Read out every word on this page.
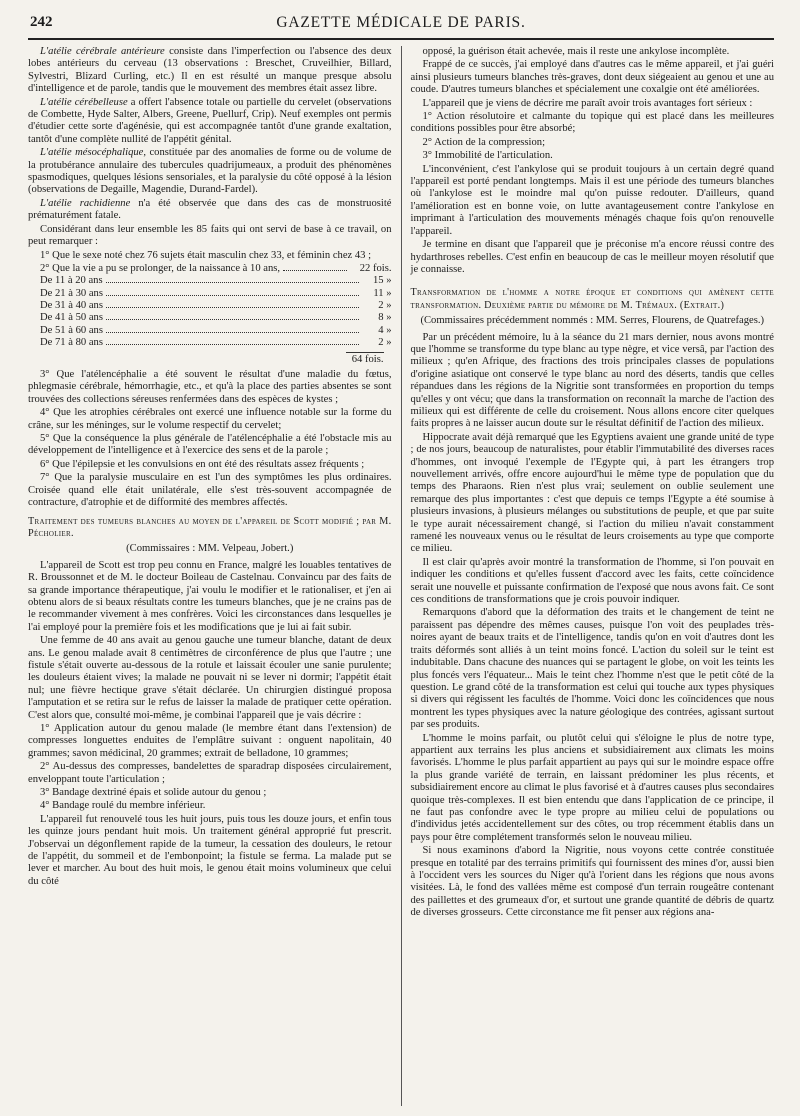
242	GAZETTE MÉDICALE DE PARIS.

L'atélie cérébrale antérieure consiste dans l'imperfection ou l'absence des deux lobes antérieurs du cerveau (13 observations : Breschet, Cruveilhier, Billard, Sylvestri, Blizard Curling, etc.) Il en est résulté un manque presque absolu d'intelligence et de parole, tandis que le mouvement des membres était assez libre.

L'atélie cérébelleuse a offert l'absence totale ou partielle du cervelet (observations de Combette, Hyde Salter, Albers, Greene, Puellurf, Crip). Neuf exemples ont permis d'étudier cette sorte d'agénésie, qui est accompagnée tantôt d'une grande exaltation, tantôt d'une complète nullité de l'appétit génital.

L'atélie mésocéphalique, constituée par des anomalies de forme ou de volume de la protubérance annulaire des tubercules quadrijumeaux, a produit des phénomènes spasmodiques, quelques lésions sensoriales, et la paralysie du côté opposé à la lésion (observations de Degaille, Magendie, Durand-Fardel).

L'atélie rachidienne n'a été observée que dans des cas de monstruosité prématurément fatale.

Considérant dans leur ensemble les 85 faits qui ont servi de base à ce travail, on peut remarquer :

1° Que le sexe noté chez 76 sujets était masculin chez 33, et féminin chez 43 ;

2° Que la vie a pu se prolonger, de la naissance à 10 ans,	22 fois.
De 11 à 20 ans	15 »
De 21 à 30 ans	11 »
De 31 à 40 ans	2 »
De 41 à 50 ans	8 »
De 51 à 60 ans	4 »
De 71 à 80 ans	2 »
64 fois.

3° Que l'atélencéphalie a été souvent le résultat d'une maladie du fœtus, phlegmasie cérébrale, hémorrhagie, etc., et qu'à la place des parties absentes se sont trouvées des collections séreuses renfermées dans des espèces de kystes ;

4° Que les atrophies cérébrales ont exercé une influence notable sur la forme du crâne, sur les méninges, sur le volume respectif du cervelet;

5° Que la conséquence la plus générale de l'atélencéphalie a été l'obstacle mis au développement de l'intelligence et à l'exercice des sens et de la parole ;

6° Que l'épilepsie et les convulsions en ont été des résultats assez fréquents ;

7° Que la paralysie musculaire en est l'un des symptômes les plus ordinaires. Croisée quand elle était unilatérale, elle s'est très-souvent accompagnée de contracture, d'atrophie et de difformité des membres affectés.

Traitement des tumeurs blanches au moyen de l'appareil de Scott modifié ; par M. Pécholier.
(Commissaires : MM. Velpeau, Jobert.)

L'appareil de Scott est trop peu connu en France, malgré les louables tentatives de R. Broussonnet et de M. le docteur Boileau de Castelnau. Convaincu par des faits de sa grande importance thérapeutique, j'ai voulu le modifier et le rationaliser, et j'en ai obtenu alors de si beaux résultats contre les tumeurs blanches, que je ne crains pas de le recommander vivement à mes confrères. Voici les circonstances dans lesquelles je l'ai employé pour la première fois et les modifications que je lui ai fait subir.

Une femme de 40 ans avait au genou gauche une tumeur blanche, datant de deux ans. Le genou malade avait 8 centimètres de circonférence de plus que l'autre ; une fistule s'était ouverte au-dessous de la rotule et laissait écouler une sanie purulente; les douleurs étaient vives; la malade ne pouvait ni se lever ni dormir; l'appétit était nul; une fièvre hectique grave s'était déclarée. Un chirurgien distingué proposa l'amputation et se retira sur le refus de laisser la malade de pratiquer cette opération. C'est alors que, consulté moi-même, je combinai l'appareil que je vais décrire :

1° Application autour du genou malade (le membre étant dans l'extension) de compresses longuettes enduites de l'emplâtre suivant : onguent napolitain, 40 grammes; savon médicinal, 20 grammes; extrait de belladone, 10 grammes;

2° Au-dessus des compresses, bandelettes de sparadrap disposées circulairement, enveloppant toute l'articulation ;

3° Bandage dextriné épais et solide autour du genou ;

4° Bandage roulé du membre inférieur.

L'appareil fut renouvelé tous les huit jours, puis tous les douze jours, et enfin tous les quinze jours pendant huit mois. Un traitement général approprié fut prescrit. J'observai un dégonflement rapide de la tumeur, la cessation des douleurs, le retour de l'appétit, du sommeil et de l'embonpoint; la fistule se ferma. La malade put se lever et marcher. Au bout des huit mois, le genou était moins volumineux que celui du côté

opposé, la guérison était achevée, mais il reste une ankylose incomplète.

Frappé de ce succès, j'ai employé dans d'autres cas le même appareil, et j'ai guéri ainsi plusieurs tumeurs blanches très-graves, dont deux siégeaient au genou et une au coude. D'autres tumeurs blanches et spécialement une coxalgie ont été améliorées.

L'appareil que je viens de décrire me paraît avoir trois avantages fort sérieux :

1° Action résolutoire et calmante du topique qui est placé dans les meilleures conditions possibles pour être absorbé;

2° Action de la compression;

3° Immobilité de l'articulation.

L'inconvénient, c'est l'ankylose qui se produit toujours à un certain degré quand l'appareil est porté pendant longtemps. Mais il est une période des tumeurs blanches où l'ankylose est le moindre mal qu'on puisse redouter. D'ailleurs, quand l'amélioration est en bonne voie, on lutte avantageusement contre l'ankylose en imprimant à l'articulation des mouvements ménagés chaque fois qu'on renouvelle l'appareil.

Je termine en disant que l'appareil que je préconise m'a encore réussi contre des hydarthroses rebelles. C'est enfin en beaucoup de cas le meilleur moyen résolutif que je connaisse.

Transformation de l'homme a notre époque et conditions qui amènent cette transformation. Deuxième partie du mémoire de M. Trémaux. (Extrait.)
(Commissaires précédemment nommés : MM. Serres, Flourens, de Quatrefages.)

Par un précédent mémoire, lu à la séance du 21 mars dernier, nous avons montré que l'homme se transforme du type blanc au type nègre, et vice versâ, par l'action des milieux ; qu'en Afrique, des fractions des trois principales classes de populations d'origine asiatique ont conservé le type blanc au nord des déserts, tandis que celles répandues dans les régions de la Nigritie sont transformées en proportion du temps qu'elles y ont vécu; que dans la transformation on reconnaît la marche de l'action des milieux qui est différente de celle du croisement. Nous allons encore citer quelques faits propres à ne laisser aucun doute sur le résultat définitif de l'action des milieux.

Hippocrate avait déjà remarqué que les Egyptiens avaient une grande unité de type ; de nos jours, beaucoup de naturalistes, pour établir l'immutabilité des diverses races d'hommes, ont invoqué l'exemple de l'Egypte qui, à part les étrangers trop nouvellement arrivés, offre encore aujourd'hui le même type de population que du temps des Pharaons. Rien n'est plus vrai; seulement on oublie seulement une remarque des plus importantes : c'est que depuis ce temps l'Egypte a été soumise à plusieurs invasions, à plusieurs mélanges ou substitutions de peuple, et que par suite le type aurait nécessairement changé, si l'action du milieu n'avait constamment ramené les nouveaux venus ou le résultat de leurs croisements au type que comporte ce milieu.

Il est clair qu'après avoir montré la transformation de l'homme, si l'on pouvait en indiquer les conditions et qu'elles fussent d'accord avec les faits, cette coïncidence serait une nouvelle et puissante confirmation de l'exposé que nous avons fait. Ce sont ces conditions de transformations que je crois pouvoir indiquer.

Remarquons d'abord que la déformation des traits et le changement de teint ne paraissent pas dépendre des mêmes causes, puisque l'on voit des peuplades très-noires ayant de beaux traits et de l'intelligence, tandis qu'on en voit d'autres dont les traits déformés sont alliés à un teint moins foncé. L'action du soleil sur le teint est indubitable. Dans chacune des nuances qui se partagent le globe, on voit les teints les plus foncés vers l'équateur... Mais le teint chez l'homme n'est que le petit côté de la question. Le grand côté de la transformation est celui qui touche aux types physiques si divers qui régissent les facultés de l'homme. Voici donc les coïncidences que nous montrent les types physiques avec la nature géologique des contrées, agissant surtout par ses produits.

L'homme le moins parfait, ou plutôt celui qui s'éloigne le plus de notre type, appartient aux terrains les plus anciens et subsidiairement aux climats les moins favorisés. L'homme le plus parfait appartient au pays qui sur le moindre espace offre la plus grande variété de terrain, en laissant prédominer les plus récents, et subsidiairement encore au climat le plus favorisé et à d'autres causes plus secondaires quoique très-complexes. Il est bien entendu que dans l'application de ce principe, il ne faut pas confondre avec le type propre au milieu celui de populations ou d'individus jetés accidentellement sur des côtes, ou trop récemment établis dans un pays pour être complétement transformés selon le nouveau milieu.

Si nous examinons d'abord la Nigritie, nous voyons cette contrée constituée presque en totalité par des terrains primitifs qui fournissent des mines d'or, aussi bien à l'occident vers les sources du Niger qu'à l'orient dans les régions que nous avons visitées. Là, le fond des vallées même est composé d'un terrain rougeâtre contenant des paillettes et des grumeaux d'or, et surtout une grande quantité de débris de quartz de diverses grosseurs. Cette circonstance me fit penser aux régions ana-
